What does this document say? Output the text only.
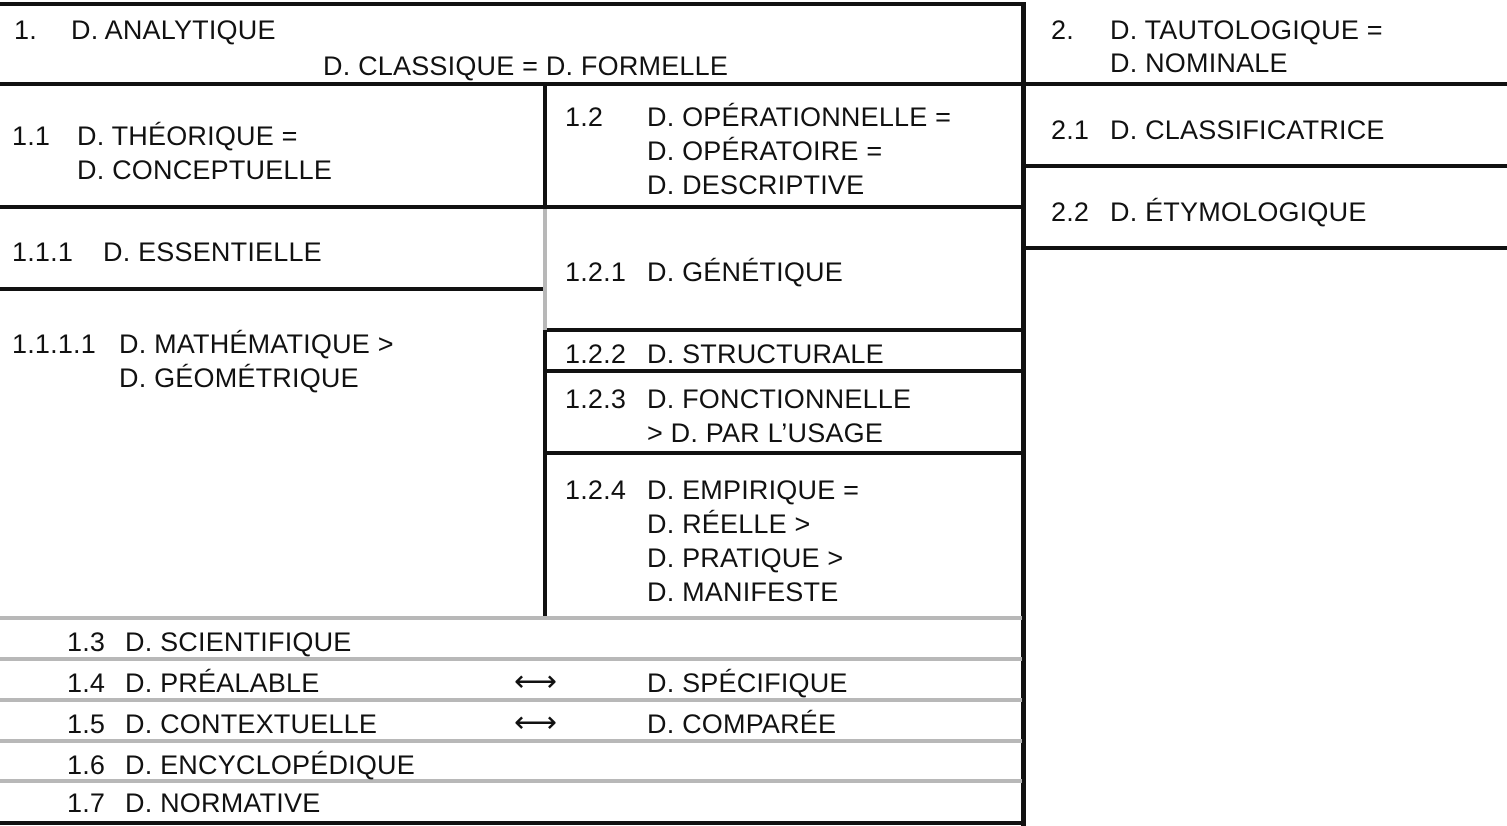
1. D. ANALYTIQUE
D. CLASSIQUE = D. FORMELLE
2. D. TAUTOLOGIQUE =
D. NOMINALE
1.1 D. THÉORIQUE =
D. CONCEPTUELLE
1.2 D. OPÉRATIONNELLE =
D. OPÉRATOIRE =
D. DESCRIPTIVE
2.1 D. CLASSIFICATRICE
2.2 D. ÉTYMOLOGIQUE
1.1.1 D. ESSENTIELLE
1.1.1.1 D. MATHÉMATIQUE >
D. GÉOMÉTRIQUE
1.2.1 D. GÉNÉTIQUE
1.2.2 D. STRUCTURALE
1.2.3 D. FONCTIONNELLE
> D. PAR L’USAGE
1.2.4 D. EMPIRIQUE =
D. RÉELLE >
D. PRATIQUE >
D. MANIFESTE
1.3 D. SCIENTIFIQUE
1.4 D. PRÉALABLE	⟷	D. SPÉCIFIQUE
1.5 D. CONTEXTUELLE	⟷	D. COMPARÉE
1.6 D. ENCYCLOPÉDIQUE
1.7 D. NORMATIVE
